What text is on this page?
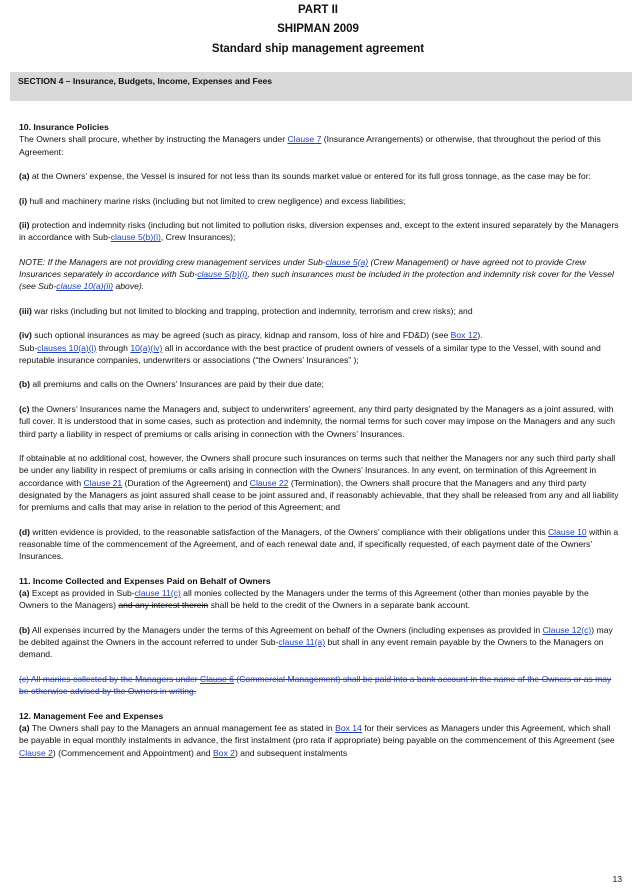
PART II
SHIPMAN 2009
Standard ship management agreement
SECTION 4 – Insurance, Budgets, Income, Expenses and Fees

10. Insurance Policies

The Owners shall procure, whether by instructing the Managers under Clause 7 (Insurance Arrangements) or otherwise, that throughout the period of this Agreement:

(a) at the Owners’ expense, the Vessel is insured for not less than its sounds market value or entered for its full gross tonnage, as the case may be for:

(i) hull and machinery marine risks (including but not limited to crew negligence) and excess liabilities;

(ii) protection and indemnity risks (including but not limited to pollution risks, diversion expenses and, except to the extent insured separately by the Managers in accordance with Sub-clause 5(b)(i), Crew Insurances);

NOTE: If the Managers are not providing crew management services under Sub-clause 5(a) (Crew Management) or have agreed not to provide Crew Insurances separately in accordance with Sub-clause 5(b)(i), then such insurances must be included in the protection and indemnity risk cover for the Vessel (see Sub-clause 10(a)(ii) above).

(iii) war risks (including but not limited to blocking and trapping, protection and indemnity, terrorism and crew risks); and

(iv) such optional insurances as may be agreed (such as piracy, kidnap and ransom, loss of hire and FD&D) (see Box 12).
Sub-clauses 10(a)(i) through 10(a)(iv) all in accordance with the best practice of prudent owners of vessels of a similar type to the Vessel, with sound and reputable insurance companies, underwriters or associations (“the Owners’ Insurances” );

(b) all premiums and calls on the Owners’ Insurances are paid by their due date;

(c) the Owners’ Insurances name the Managers and, subject to underwriters’ agreement, any third party designated by the Managers as a joint assured, with full cover. It is understood that in some cases, such as protection and indemnity, the normal terms for such cover may impose on the Managers and any such third party a liability in respect of premiums or calls arising in connection with the Owners’ Insurances.

If obtainable at no additional cost, however, the Owners shall procure such insurances on terms such that neither the Managers nor any such third party shall be under any liability in respect of premiums or calls arising in connection with the Owners’ Insurances. In any event, on termination of this Agreement in accordance with Clause 21 (Duration of the Agreement) and Clause 22 (Termination), the Owners shall procure that the Managers and any third party designated by the Managers as joint assured shall cease to be joint assured and, if reasonably achievable, that they shall be released from any and all liability for premiums and calls that may arise in relation to the period of this Agreement; and

(d) written evidence is provided, to the reasonable satisfaction of the Managers, of the Owners’ compliance with their obligations under this Clause 10 within a reasonable time of the commencement of the Agreement, and of each renewal date and, if specifically requested, of each payment date of the Owners’ Insurances.

11. Income Collected and Expenses Paid on Behalf of Owners

(a) Except as provided in Sub-clause 11(c) all monies collected by the Managers under the terms of this Agreement (other than monies payable by the Owners to the Managers) and any interest therein shall be held to the credit of the Owners in a separate bank account.

(b) All expenses incurred by the Managers under the terms of this Agreement on behalf of the Owners (including expenses as provided in Clause 12(c)) may be debited against the Owners in the account referred to under Sub-clause 11(a) but shall in any event remain payable by the Owners to the Managers on demand.

(c) All monies collected by the Managers under Clause 6 (Commercial Management) shall be paid into a bank account in the name of the Owners or as may be otherwise advised by the Owners in writing.

12. Management Fee and Expenses

(a) The Owners shall pay to the Managers an annual management fee as stated in Box 14 for their services as Managers under this Agreement, which shall be payable in equal monthly instalments in advance, the first instalment (pro rata if appropriate) being payable on the commencement of this Agreement (see Clause 2) (Commencement and Appointment) and Box 2) and subsequent instalments

13
